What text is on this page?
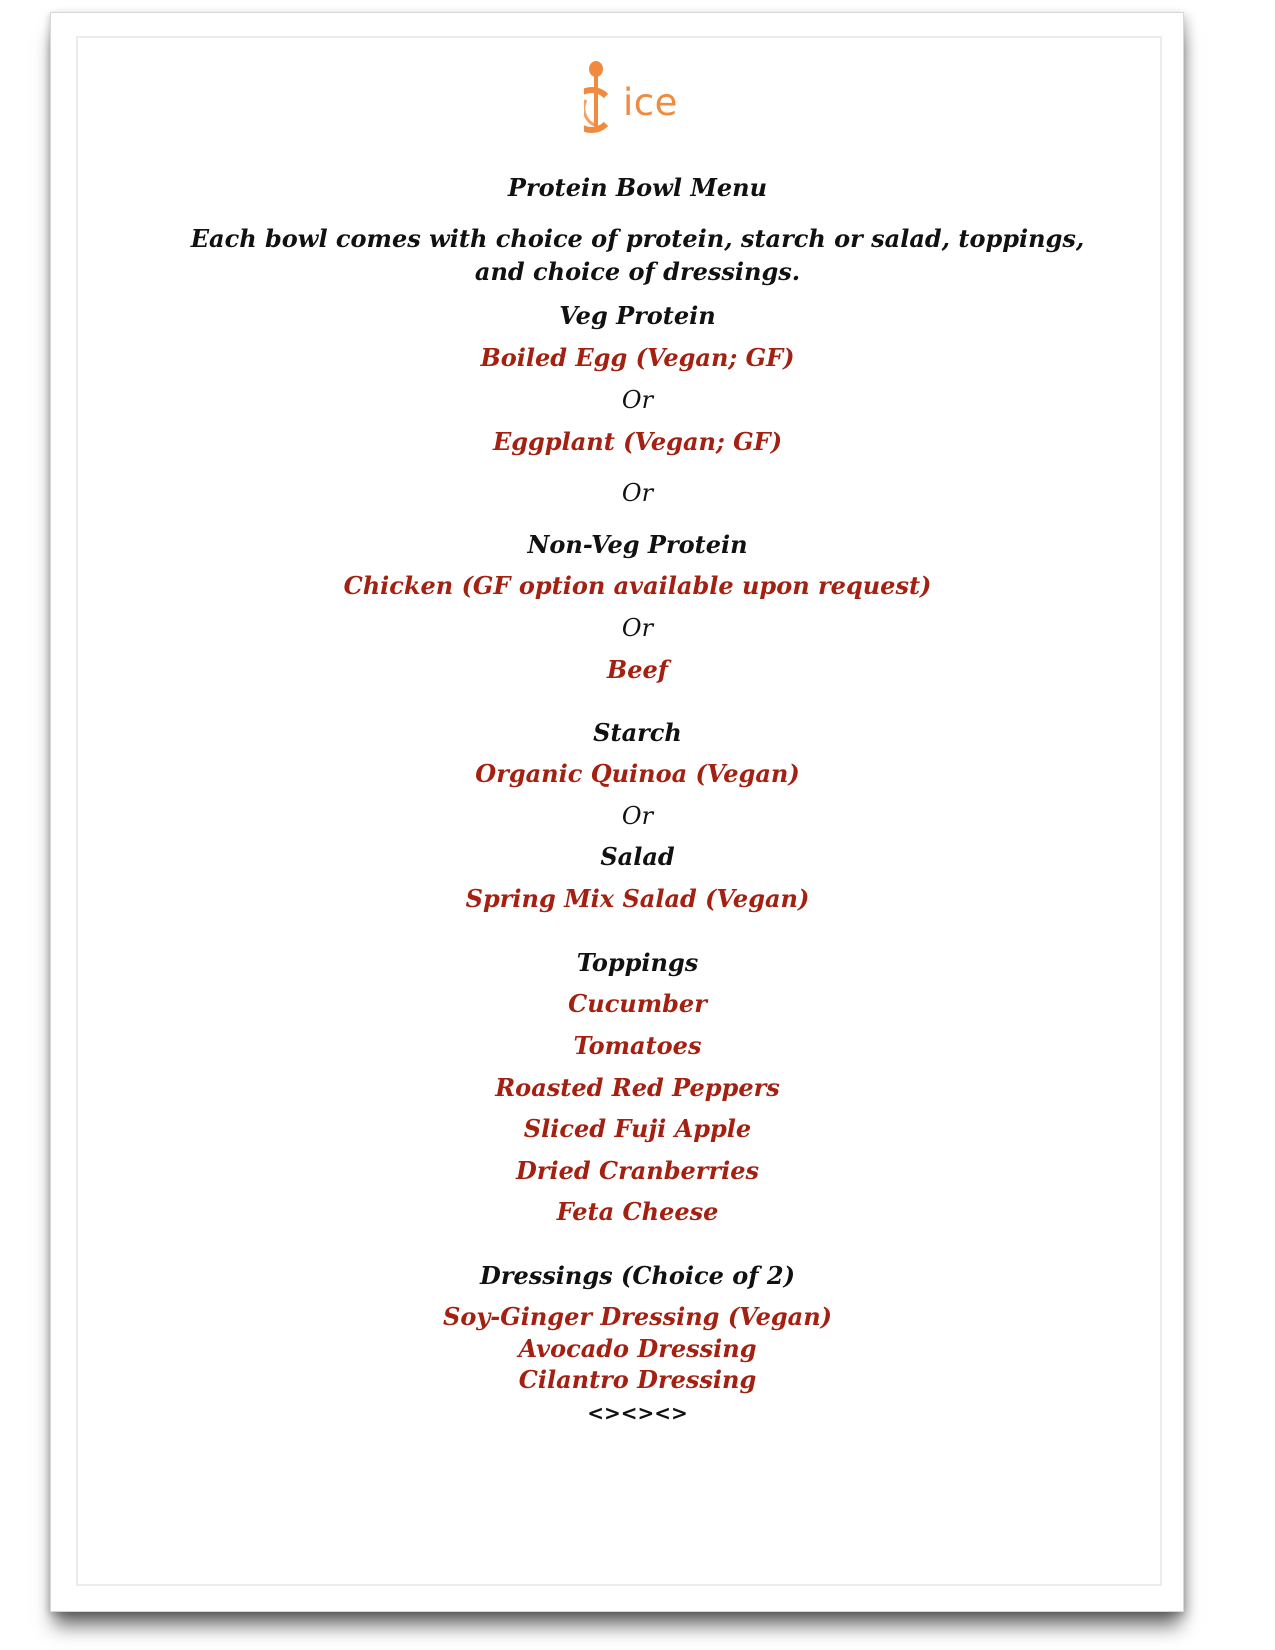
ice
Protein Bowl Menu
Each bowl comes with choice of protein, starch or salad, toppings, and choice of dressings.
Veg Protein
Boiled Egg (Vegan; GF)
Or
Eggplant (Vegan; GF)
Or
Non-Veg Protein
Chicken (GF option available upon request)
Or
Beef
Starch
Organic Quinoa (Vegan)
Or
Salad
Spring Mix Salad (Vegan)
Toppings
Cucumber
Tomatoes
Roasted Red Peppers
Sliced Fuji Apple
Dried Cranberries
Feta Cheese
Dressings (Choice of 2)
Soy-Ginger Dressing (Vegan)
Avocado Dressing
Cilantro Dressing
<><><>
